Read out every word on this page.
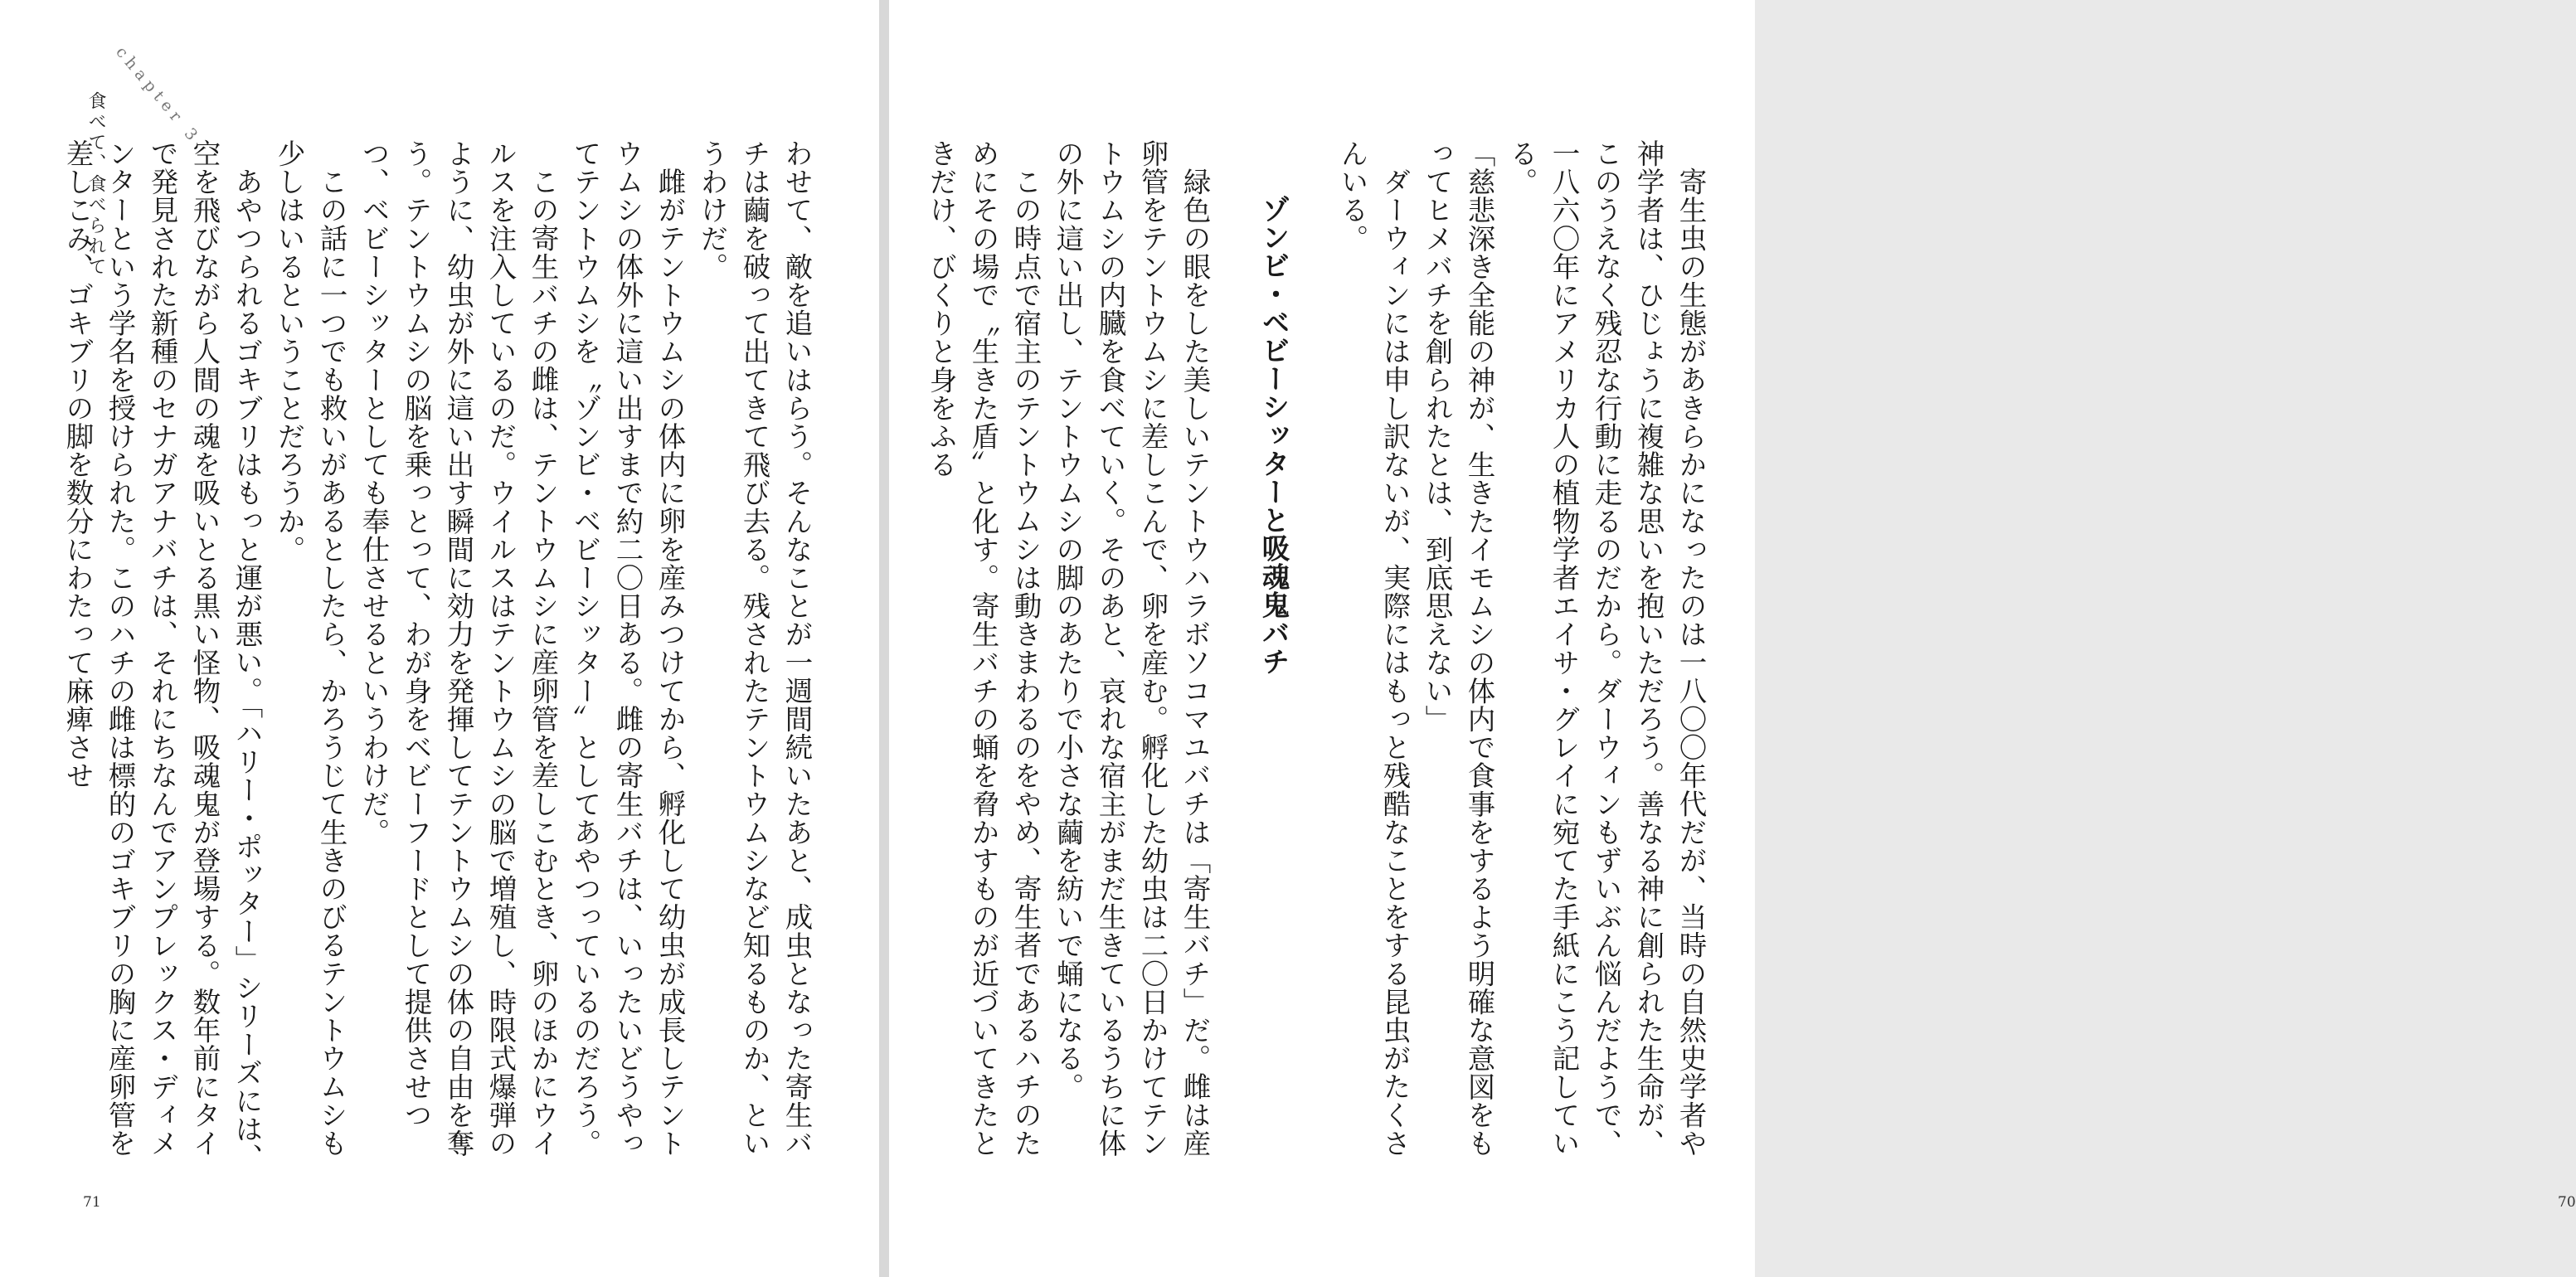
chapter 3
食べて、食べられて	わせて、敵を追いはらう。そんなことが一週間続いたあと、成虫となった寄生バチは繭を破って出てきて飛び去る。残されたテントウムシなど知るものか、というわけだ。

雌がテントウムシの体内に卵を産みつけてから、孵化して幼虫が成長しテントウムシの体外に這い出すまで約二〇日ある。雌の寄生バチは、いったいどうやってテントウムシを〝ゾンビ・ベビーシッター〟としてあやつっているのだろう。

この寄生バチの雌は、テントウムシに産卵管を差しこむとき、卵のほかにウイルスを注入しているのだ。ウイルスはテントウムシの脳で増殖し、時限式爆弾のように、幼虫が外に這い出す瞬間に効力を発揮してテントウムシの体の自由を奪う。テントウムシの脳を乗っとって、わが身をベビーフードとして提供させつつ、ベビーシッターとしても奉仕させるというわけだ。

この話に一つでも救いがあるとしたら、かろうじて生きのびるテントウムシも少しはいるということだろうか。

あやつられるゴキブリはもっと運が悪い。「ハリー・ポッター」シリーズには、空を飛びながら人間の魂を吸いとる黒い怪物、吸魂鬼が登場する。数年前にタイで発見された新種のセナガアナバチは、それにちなんでアンプレックス・ディメンターという学名を授けられた。このハチの雌は標的のゴキブリの胸に産卵管を差しこみ、ゴキブリの脚を数分にわたって麻痺させ

71

寄生虫の生態があきらかになったのは一八〇〇年代だが、当時の自然史学者や神学者は、ひじょうに複雑な思いを抱いただろう。善なる神に創られた生命が、このうえなく残忍な行動に走るのだから。ダーウィンもずいぶん悩んだようで、一八六〇年にアメリカ人の植物学者エイサ・グレイに宛てた手紙にこう記している。

「慈悲深き全能の神が、生きたイモムシの体内で食事をするよう明確な意図をもってヒメバチを創られたとは、到底思えない」

ダーウィンには申し訳ないが、実際にはもっと残酷なことをする昆虫がたくさんいる。

ゾンビ・ベビーシッターと吸魂鬼バチ

緑色の眼をした美しいテントウハラボソコマユバチは「寄生バチ」だ。雌は産卵管をテントウムシに差しこんで、卵を産む。孵化した幼虫は二〇日かけてテントウムシの内臓を食べていく。そのあと、哀れな宿主がまだ生きているうちに体の外に這い出し、テントウムシの脚のあたりで小さな繭を紡いで蛹になる。

この時点で宿主のテントウムシは動きまわるのをやめ、寄生者であるハチのためにその場で〝生きた盾〟と化す。寄生バチの蛹を脅かすものが近づいてきたときだけ、びくりと身をふる

70
